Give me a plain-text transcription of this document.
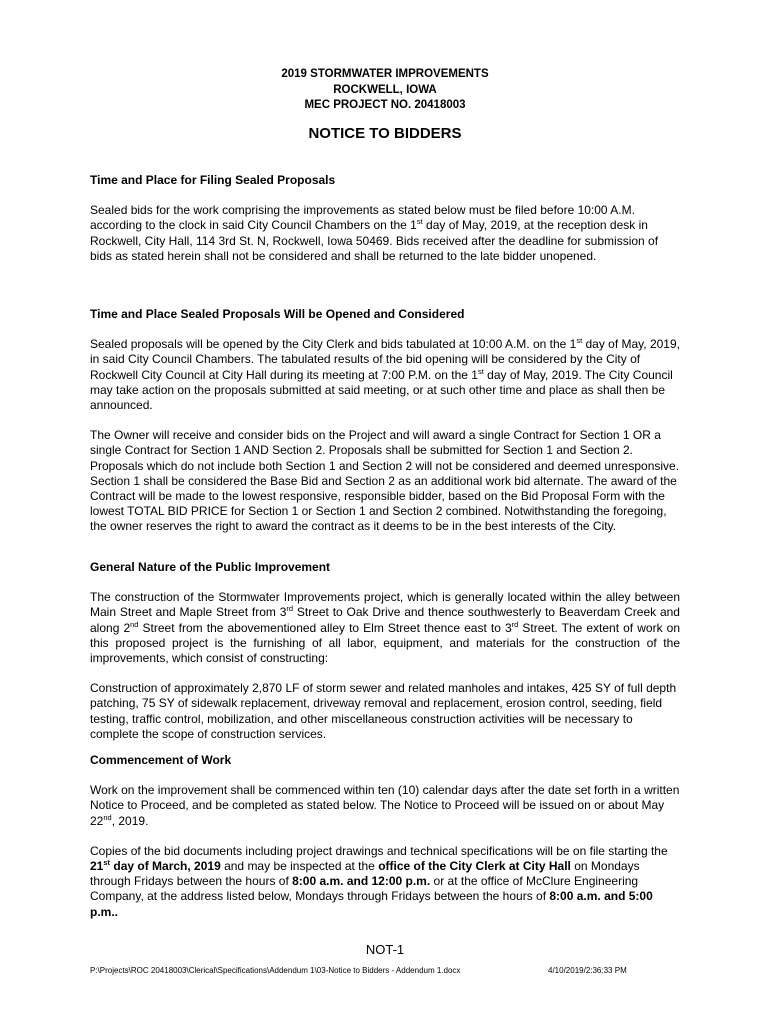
2019 STORMWATER IMPROVEMENTS
ROCKWELL, IOWA
MEC PROJECT NO. 20418003
NOTICE TO BIDDERS

Time and Place for Filing Sealed Proposals

Sealed bids for the work comprising the improvements as stated below must be filed before 10:00 A.M. according to the clock in said City Council Chambers on the 1st day of May, 2019, at the reception desk in Rockwell, City Hall, 114 3rd St. N, Rockwell, Iowa 50469. Bids received after the deadline for submission of bids as stated herein shall not be considered and shall be returned to the late bidder unopened.

Time and Place Sealed Proposals Will be Opened and Considered

Sealed proposals will be opened by the City Clerk and bids tabulated at 10:00 A.M. on the 1st day of May, 2019, in said City Council Chambers. The tabulated results of the bid opening will be considered by the City of Rockwell City Council at City Hall during its meeting at 7:00 P.M. on the 1st day of May, 2019. The City Council may take action on the proposals submitted at said meeting, or at such other time and place as shall then be announced.

The Owner will receive and consider bids on the Project and will award a single Contract for Section 1 OR a single Contract for Section 1 AND Section 2. Proposals shall be submitted for Section 1 and Section 2. Proposals which do not include both Section 1 and Section 2 will not be considered and deemed unresponsive. Section 1 shall be considered the Base Bid and Section 2 as an additional work bid alternate. The award of the Contract will be made to the lowest responsive, responsible bidder, based on the Bid Proposal Form with the lowest TOTAL BID PRICE for Section 1 or Section 1 and Section 2 combined. Notwithstanding the foregoing, the owner reserves the right to award the contract as it deems to be in the best interests of the City.

General Nature of the Public Improvement

The construction of the Stormwater Improvements project, which is generally located within the alley between Main Street and Maple Street from 3rd Street to Oak Drive and thence southwesterly to Beaverdam Creek and along 2nd Street from the abovementioned alley to Elm Street thence east to 3rd Street. The extent of work on this proposed project is the furnishing of all labor, equipment, and materials for the construction of the improvements, which consist of constructing:

Construction of approximately 2,870 LF of storm sewer and related manholes and intakes, 425 SY of full depth patching, 75 SY of sidewalk replacement, driveway removal and replacement, erosion control, seeding, field testing, traffic control, mobilization, and other miscellaneous construction activities will be necessary to complete the scope of construction services.

Commencement of Work

Work on the improvement shall be commenced within ten (10) calendar days after the date set forth in a written Notice to Proceed, and be completed as stated below. The Notice to Proceed will be issued on or about May 22nd, 2019.

Copies of the bid documents including project drawings and technical specifications will be on file starting the 21st day of March, 2019 and may be inspected at the office of the City Clerk at City Hall on Mondays through Fridays between the hours of 8:00 a.m. and 12:00 p.m. or at the office of McClure Engineering Company, at the address listed below, Mondays through Fridays between the hours of 8:00 a.m. and 5:00 p.m..

NOT-1
P:\Projects\ROC 20418003\Clerical\Specifications\Addendum 1\03-Notice to Bidders - Addendum 1.docx	4/10/2019/2:36:33 PM
